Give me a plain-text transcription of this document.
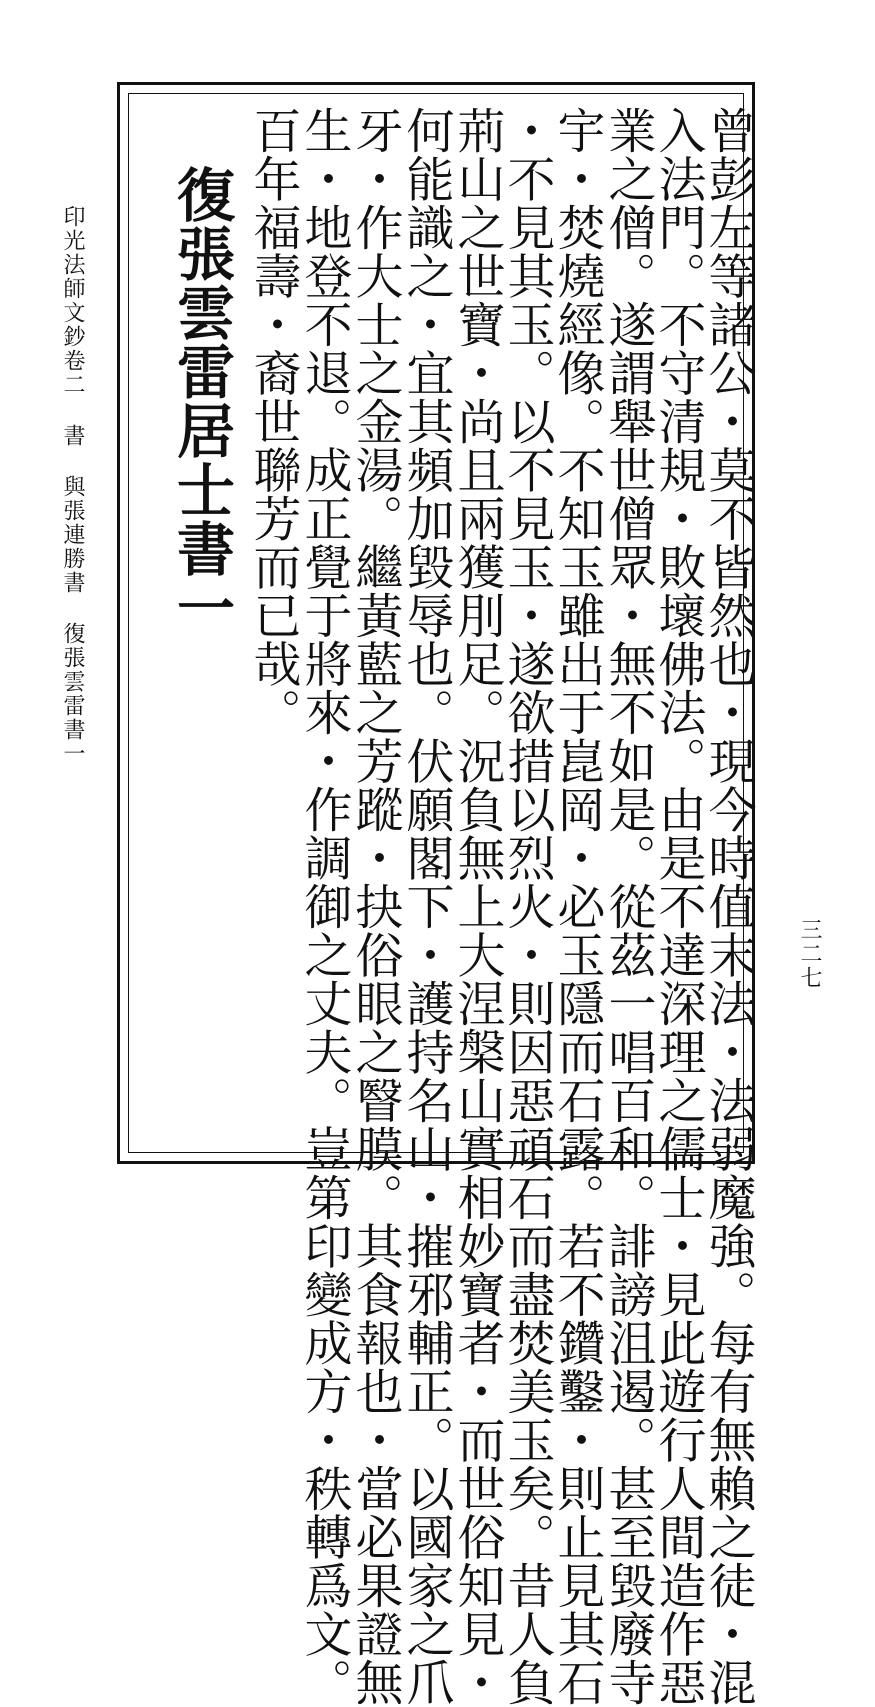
印光法師文鈔卷二 書 與張連勝書 復張雲雷書一
三二七
復張雲雷居士書一	曾彭左等諸公・莫不皆然也・現今時值末法・法弱魔強。每有無賴之徒・混
入法門。不守清規・敗壞佛法。由是不達深理之儒士・見此遊行人間造作惡
業之僧。遂謂舉世僧眾・無不如是。從茲一唱百和。誹謗沮遏。甚至毀廢寺
宇・焚燒經像。不知玉雖出于崑岡・必玉隱而石露。若不鑽鑿・則止見其石
・不見其玉。以不見玉・遂欲措以烈火・則因惡頑石而盡焚美玉矣。昔人負
荊山之世寶・尚且兩獲刖足。況負無上大涅槃山實相妙寶者・而世俗知見・
何能識之・宜其頻加毀辱也。伏願閣下・護持名山・摧邪輔正。以國家之爪
牙・作大士之金湯。繼黃藍之芳蹤・抉俗眼之瞖膜。其食報也・當必果證無
生・地登不退。成正覺于將來・作調御之丈夫。豈第印變成方・秩轉爲文。
百年福壽・裔世聯芳而已哉。
